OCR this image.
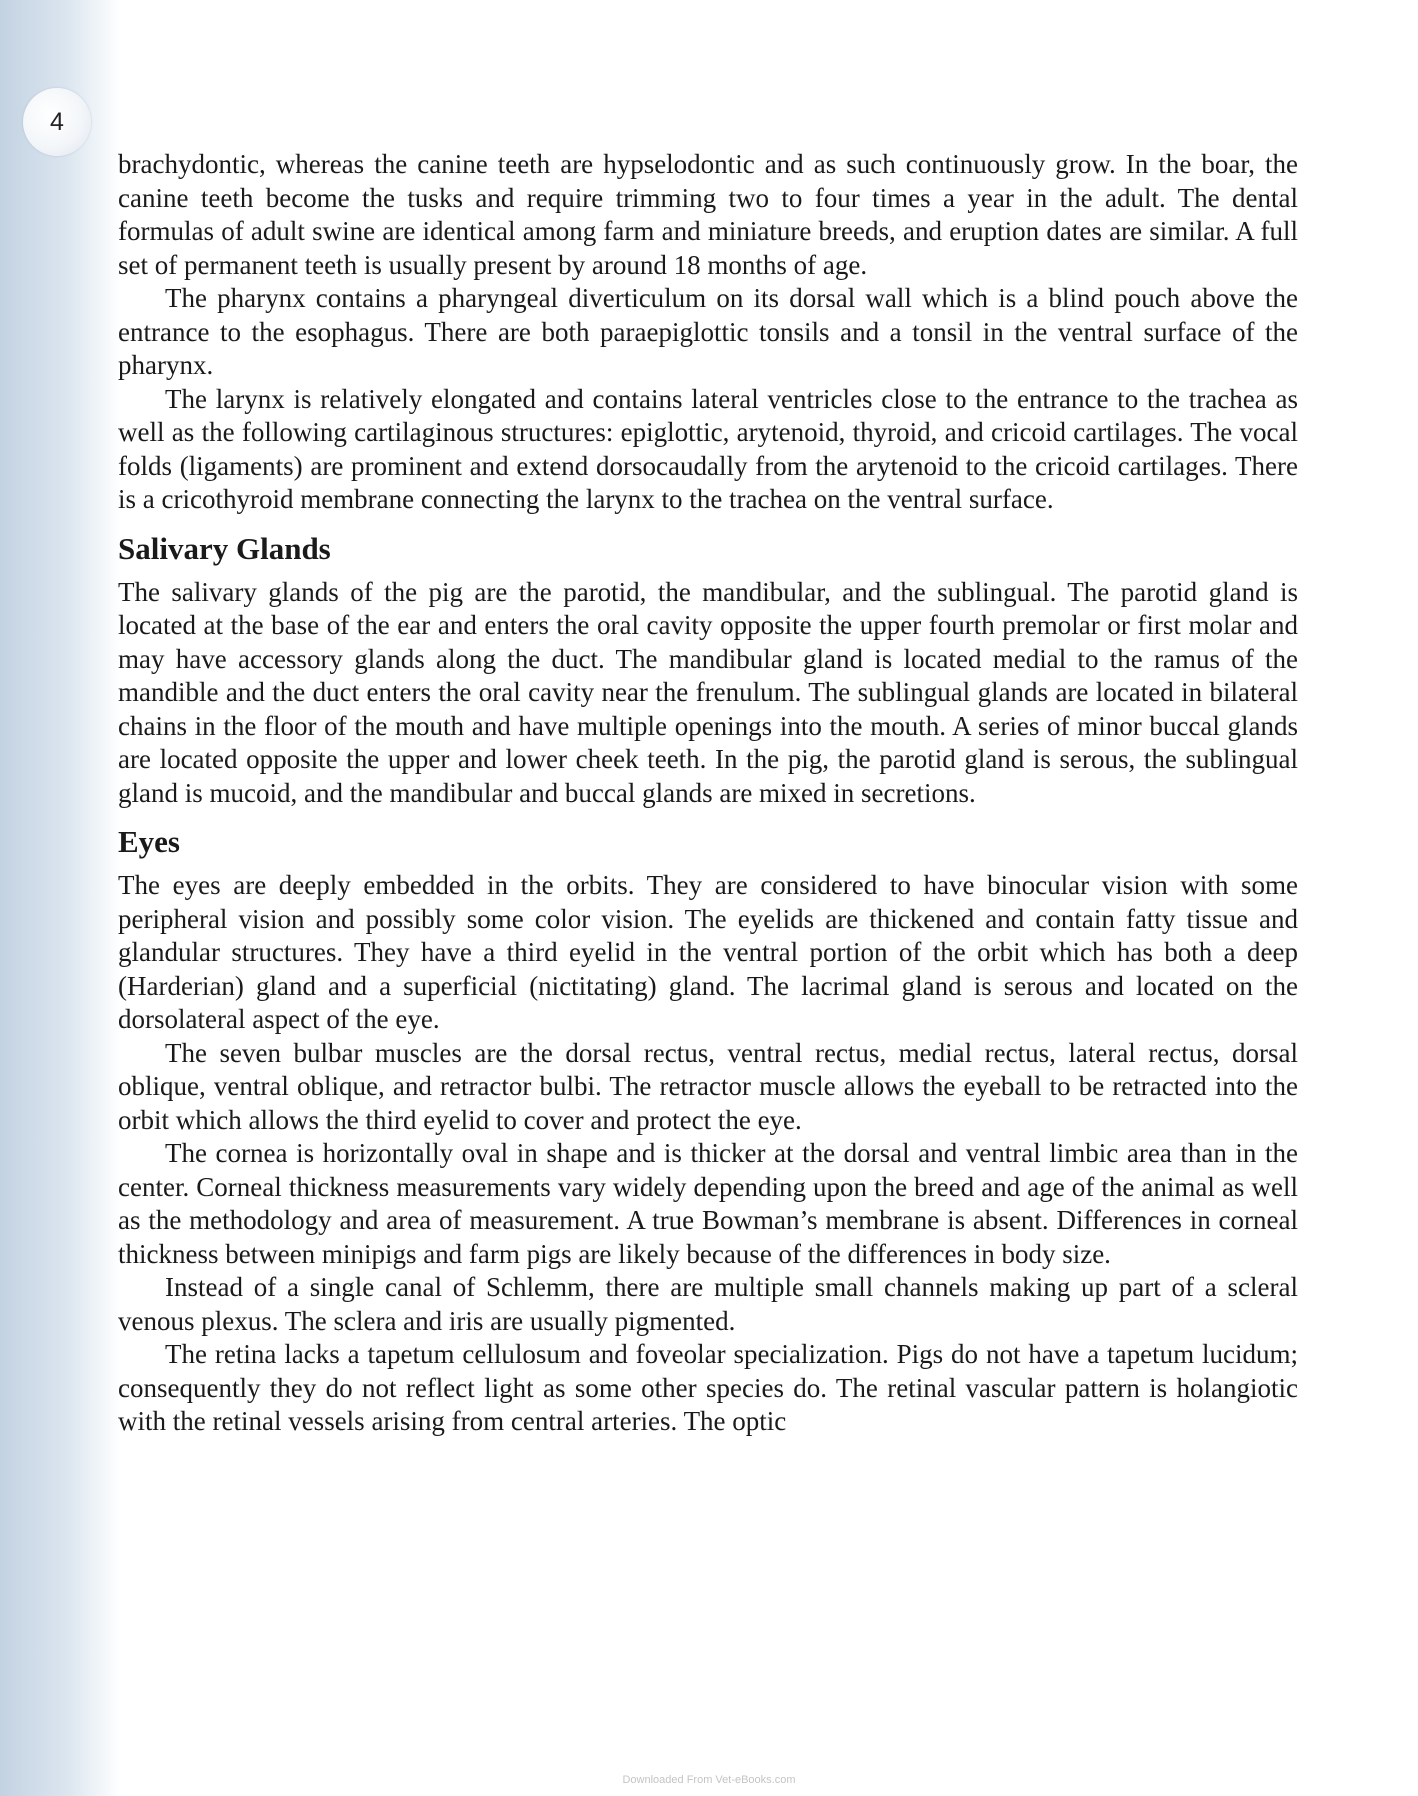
4

brachydontic, whereas the canine teeth are hypselodontic and as such continuously grow. In the boar, the canine teeth become the tusks and require trimming two to four times a year in the adult. The dental formulas of adult swine are identical among farm and miniature breeds, and eruption dates are similar. A full set of permanent teeth is usually present by around 18 months of age.

The pharynx contains a pharyngeal diverticulum on its dorsal wall which is a blind pouch above the entrance to the esophagus. There are both paraepiglottic tonsils and a tonsil in the ventral surface of the pharynx.

The larynx is relatively elongated and contains lateral ventricles close to the entrance to the trachea as well as the following cartilaginous structures: epiglottic, arytenoid, thyroid, and cricoid cartilages. The vocal folds (ligaments) are prominent and extend dorsocaudally from the arytenoid to the cricoid cartilages. There is a cricothyroid membrane connecting the larynx to the trachea on the ventral surface.

Salivary Glands

The salivary glands of the pig are the parotid, the mandibular, and the sublingual. The parotid gland is located at the base of the ear and enters the oral cavity opposite the upper fourth premolar or first molar and may have accessory glands along the duct. The mandibular gland is located medial to the ramus of the mandible and the duct enters the oral cavity near the frenulum. The sublingual glands are located in bilateral chains in the floor of the mouth and have multiple openings into the mouth. A series of minor buccal glands are located opposite the upper and lower cheek teeth. In the pig, the parotid gland is serous, the sublingual gland is mucoid, and the mandibular and buccal glands are mixed in secretions.

Eyes

The eyes are deeply embedded in the orbits. They are considered to have binocular vision with some peripheral vision and possibly some color vision. The eyelids are thickened and contain fatty tissue and glandular structures. They have a third eyelid in the ventral portion of the orbit which has both a deep (Harderian) gland and a superficial (nictitating) gland. The lacrimal gland is serous and located on the dorsolateral aspect of the eye.

The seven bulbar muscles are the dorsal rectus, ventral rectus, medial rectus, lateral rectus, dorsal oblique, ventral oblique, and retractor bulbi. The retractor muscle allows the eyeball to be retracted into the orbit which allows the third eyelid to cover and protect the eye.

The cornea is horizontally oval in shape and is thicker at the dorsal and ventral limbic area than in the center. Corneal thickness measurements vary widely depending upon the breed and age of the animal as well as the methodology and area of measurement. A true Bowman’s membrane is absent. Differences in corneal thickness between minipigs and farm pigs are likely because of the differences in body size.

Instead of a single canal of Schlemm, there are multiple small channels making up part of a scleral venous plexus. The sclera and iris are usually pigmented.

The retina lacks a tapetum cellulosum and foveolar specialization. Pigs do not have a tapetum lucidum; consequently they do not reflect light as some other species do. The retinal vascular pattern is holangiotic with the retinal vessels arising from central arteries. The optic

Downloaded From Vet-eBooks.com
